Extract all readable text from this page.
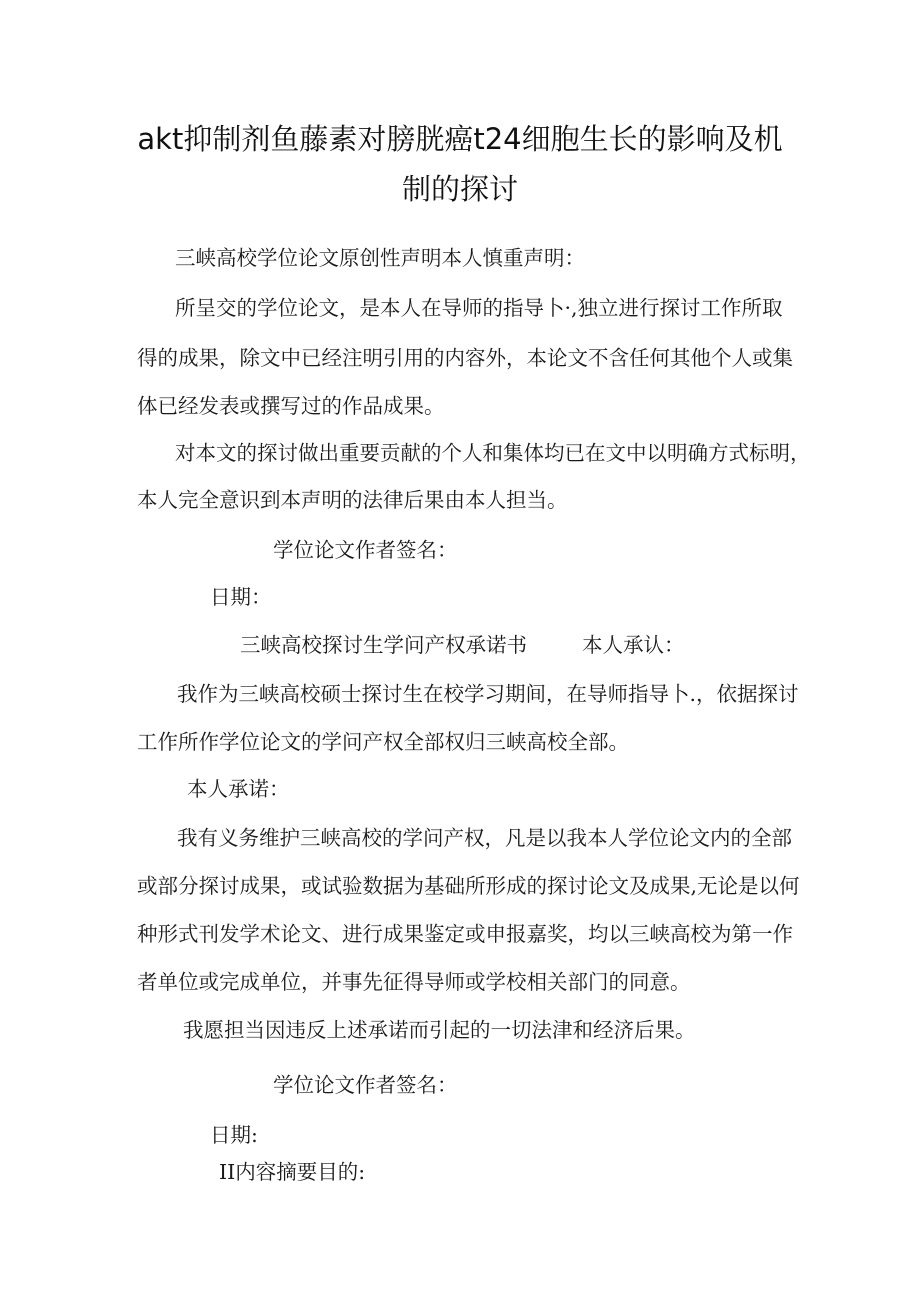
akt抑制剂鱼藤素对膀胱癌t24细胞生长的影响及机
制的探讨
三峡高校学位论文原创性声明本人慎重声明：
所呈交的学位论文，是本人在导师的指导卜·,独立进行探讨工作所取
得的成果，除文中已经注明引用的内容外，本论文不含任何其他个人或集
体已经发表或撰写过的作品成果。
对本文的探讨做出重要贡献的个人和集体均已在文中以明确方式标明，
本人完全意识到本声明的法律后果由本人担当。
学位论文作者签名：
日期：
三峡高校探讨生学问产权承诺书	本人承认：
我作为三峡高校硕士探讨生在校学习期间，在导师指导卜.，依据探讨
工作所作学位论文的学问产权全部权归三峡高校全部。
本人承诺：
我有义务维护三峡高校的学问产权，凡是以我本人学位论文内的全部
或部分探讨成果，或试验数据为基础所形成的探讨论文及成果,无论是以何
种形式刊发学术论文、进行成果鉴定或申报嘉奖，均以三峡高校为第一作
者单位或完成单位，并事先征得导师或学校相关部门的同意。
我愿担当因违反上述承诺而引起的一切法津和经济后果。
学位论文作者签名：
日期:
II内容摘要目的:
